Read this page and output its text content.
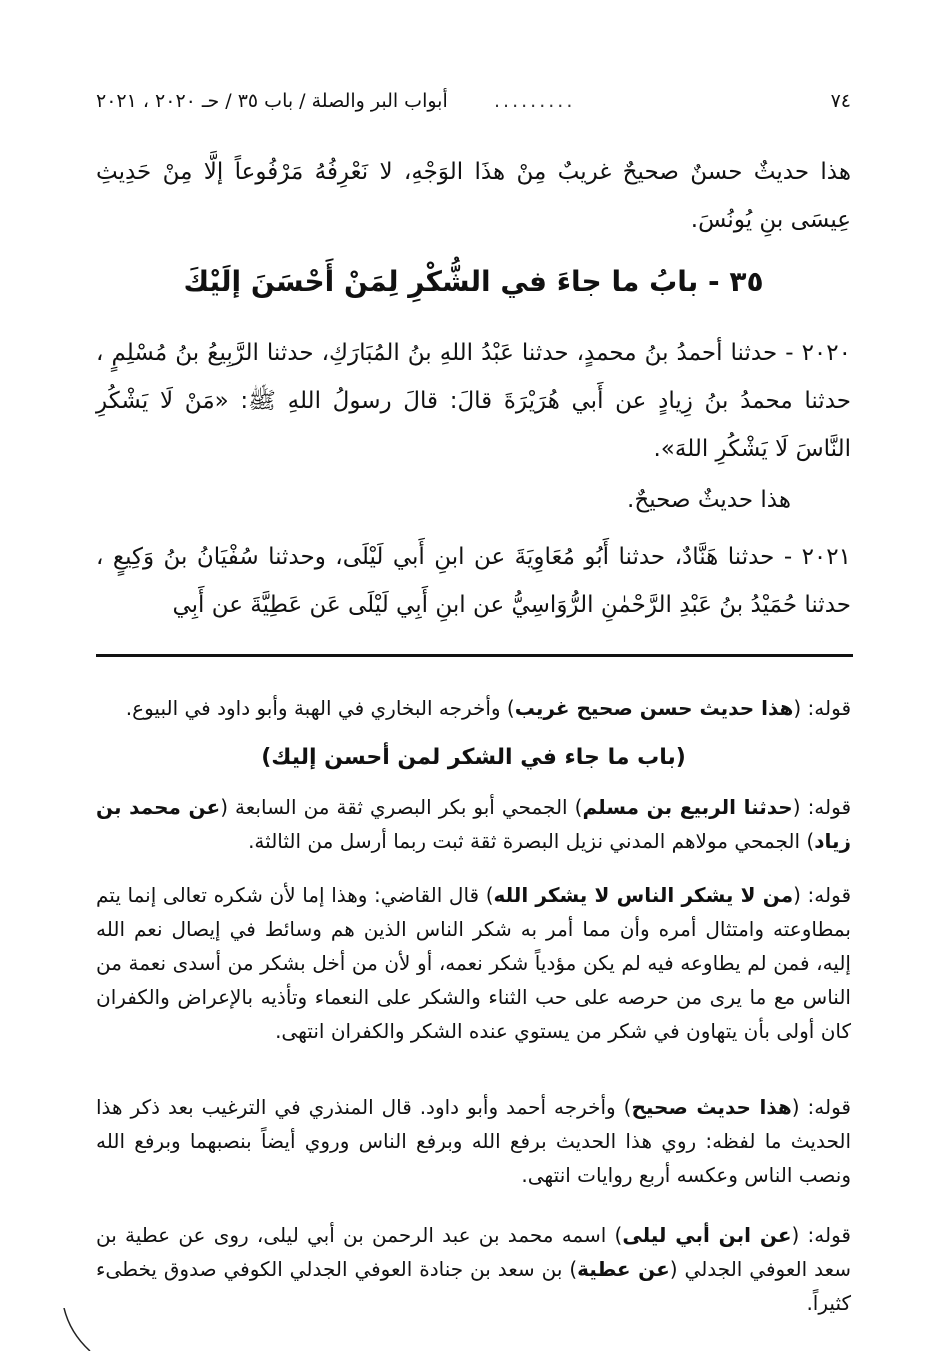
٧٤
.........
أبواب البر والصلة / باب ٣٥ / حـ ٢٠٢٠ ، ٢٠٢١
هذا حديثٌ حسنٌ صحيحٌ غريبٌ مِنْ هذَا الوَجْهِ، لا نَعْرِفُهُ مَرْفُوعاً إلَّا مِنْ حَدِيثِ عِيسَى بنِ يُونُسَ.
٣٥ - بابُ ما جاءَ في الشُّكْرِ لِمَنْ أَحْسَنَ إلَيْكَ
٢٠٢٠ - حدثنا أحمدُ بنُ محمدٍ، حدثنا عَبْدُ اللهِ بنُ المُبَارَكِ، حدثنا الرَّبِيعُ بنُ مُسْلِمٍ ، حدثنا محمدُ بنُ زِيادٍ عن أَبي هُرَيْرَةَ قالَ: قالَ رسولُ اللهِ ﷺ: «مَنْ لَا يَشْكُرِ النَّاسَ لَا يَشْكُرِ اللهَ».
هذا حديثٌ صحيحٌ.
٢٠٢١ - حدثنا هَنَّادٌ، حدثنا أَبُو مُعَاوِيَةَ عن ابنِ أَبي لَيْلَى، وحدثنا سُفْيَانُ بنُ وَكِيعٍ ، حدثنا حُمَيْدُ بنُ عَبْدِ الرَّحْمٰنِ الرُّوَاسِيُّ عن ابنِ أَبِي لَيْلَى عَن عَطِيَّةَ عن أَبِي
قوله: (هذا حديث حسن صحيح غريب) وأخرجه البخاري في الهبة وأبو داود في البيوع.
(باب ما جاء في الشكر لمن أحسن إليك)
قوله: (حدثنا الربيع بن مسلم) الجمحي أبو بكر البصري ثقة من السابعة (عن محمد بن زياد) الجمحي مولاهم المدني نزيل البصرة ثقة ثبت ربما أرسل من الثالثة.
قوله: (من لا يشكر الناس لا يشكر الله) قال القاضي: وهذا إما لأن شكره تعالى إنما يتم بمطاوعته وامتثال أمره وأن مما أمر به شكر الناس الذين هم وسائط في إيصال نعم الله إليه، فمن لم يطاوعه فيه لم يكن مؤدياً شكر نعمه، أو لأن من أخل بشكر من أسدى نعمة من الناس مع ما يرى من حرصه على حب الثناء والشكر على النعماء وتأذيه بالإعراض والكفران كان أولى بأن يتهاون في شكر من يستوي عنده الشكر والكفران انتهى.
قوله: (هذا حديث صحيح) وأخرجه أحمد وأبو داود. قال المنذري في الترغيب بعد ذكر هذا الحديث ما لفظه: روي هذا الحديث برفع الله وبرفع الناس وروي أيضاً بنصبهما وبرفع الله ونصب الناس وعكسه أربع روايات انتهى.
قوله: (عن ابن أبي ليلى) اسمه محمد بن عبد الرحمن بن أبي ليلى، روى عن عطية بن سعد العوفي الجدلي (عن عطية) بن سعد بن جنادة العوفي الجدلي الكوفي صدوق يخطىء كثيراً.
